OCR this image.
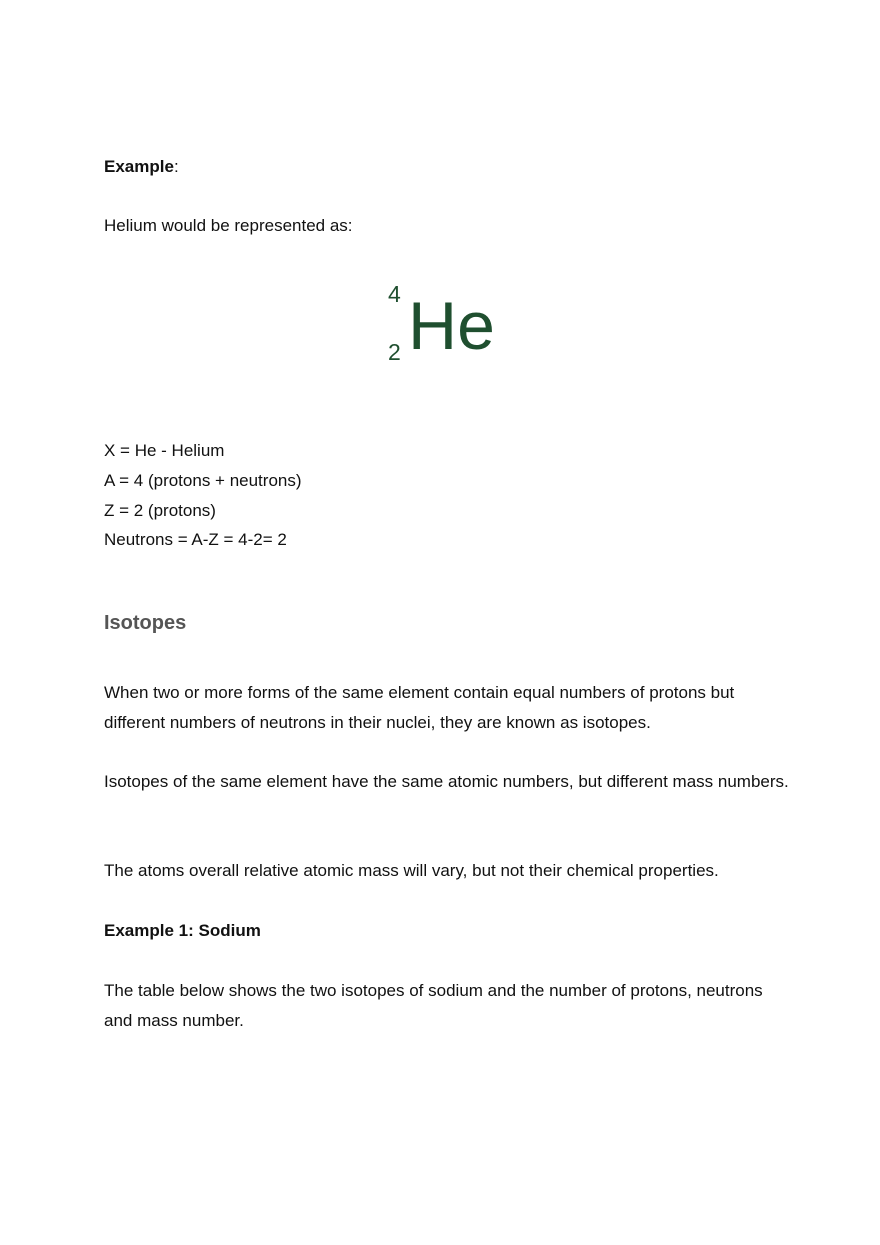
Example:

Helium would be represented as:

4
2 He

X = He - Helium

A = 4 (protons + neutrons)

Z = 2 (protons)

Neutrons = A-Z = 4-2= 2

Isotopes

When two or more forms of the same element contain equal numbers of protons but different numbers of neutrons in their nuclei, they are known as isotopes.

Isotopes of the same element have the same atomic numbers, but different mass numbers.

The atoms overall relative atomic mass will vary, but not their chemical properties.

Example 1: Sodium

The table below shows the two isotopes of sodium and the number of protons, neutrons and mass number.
